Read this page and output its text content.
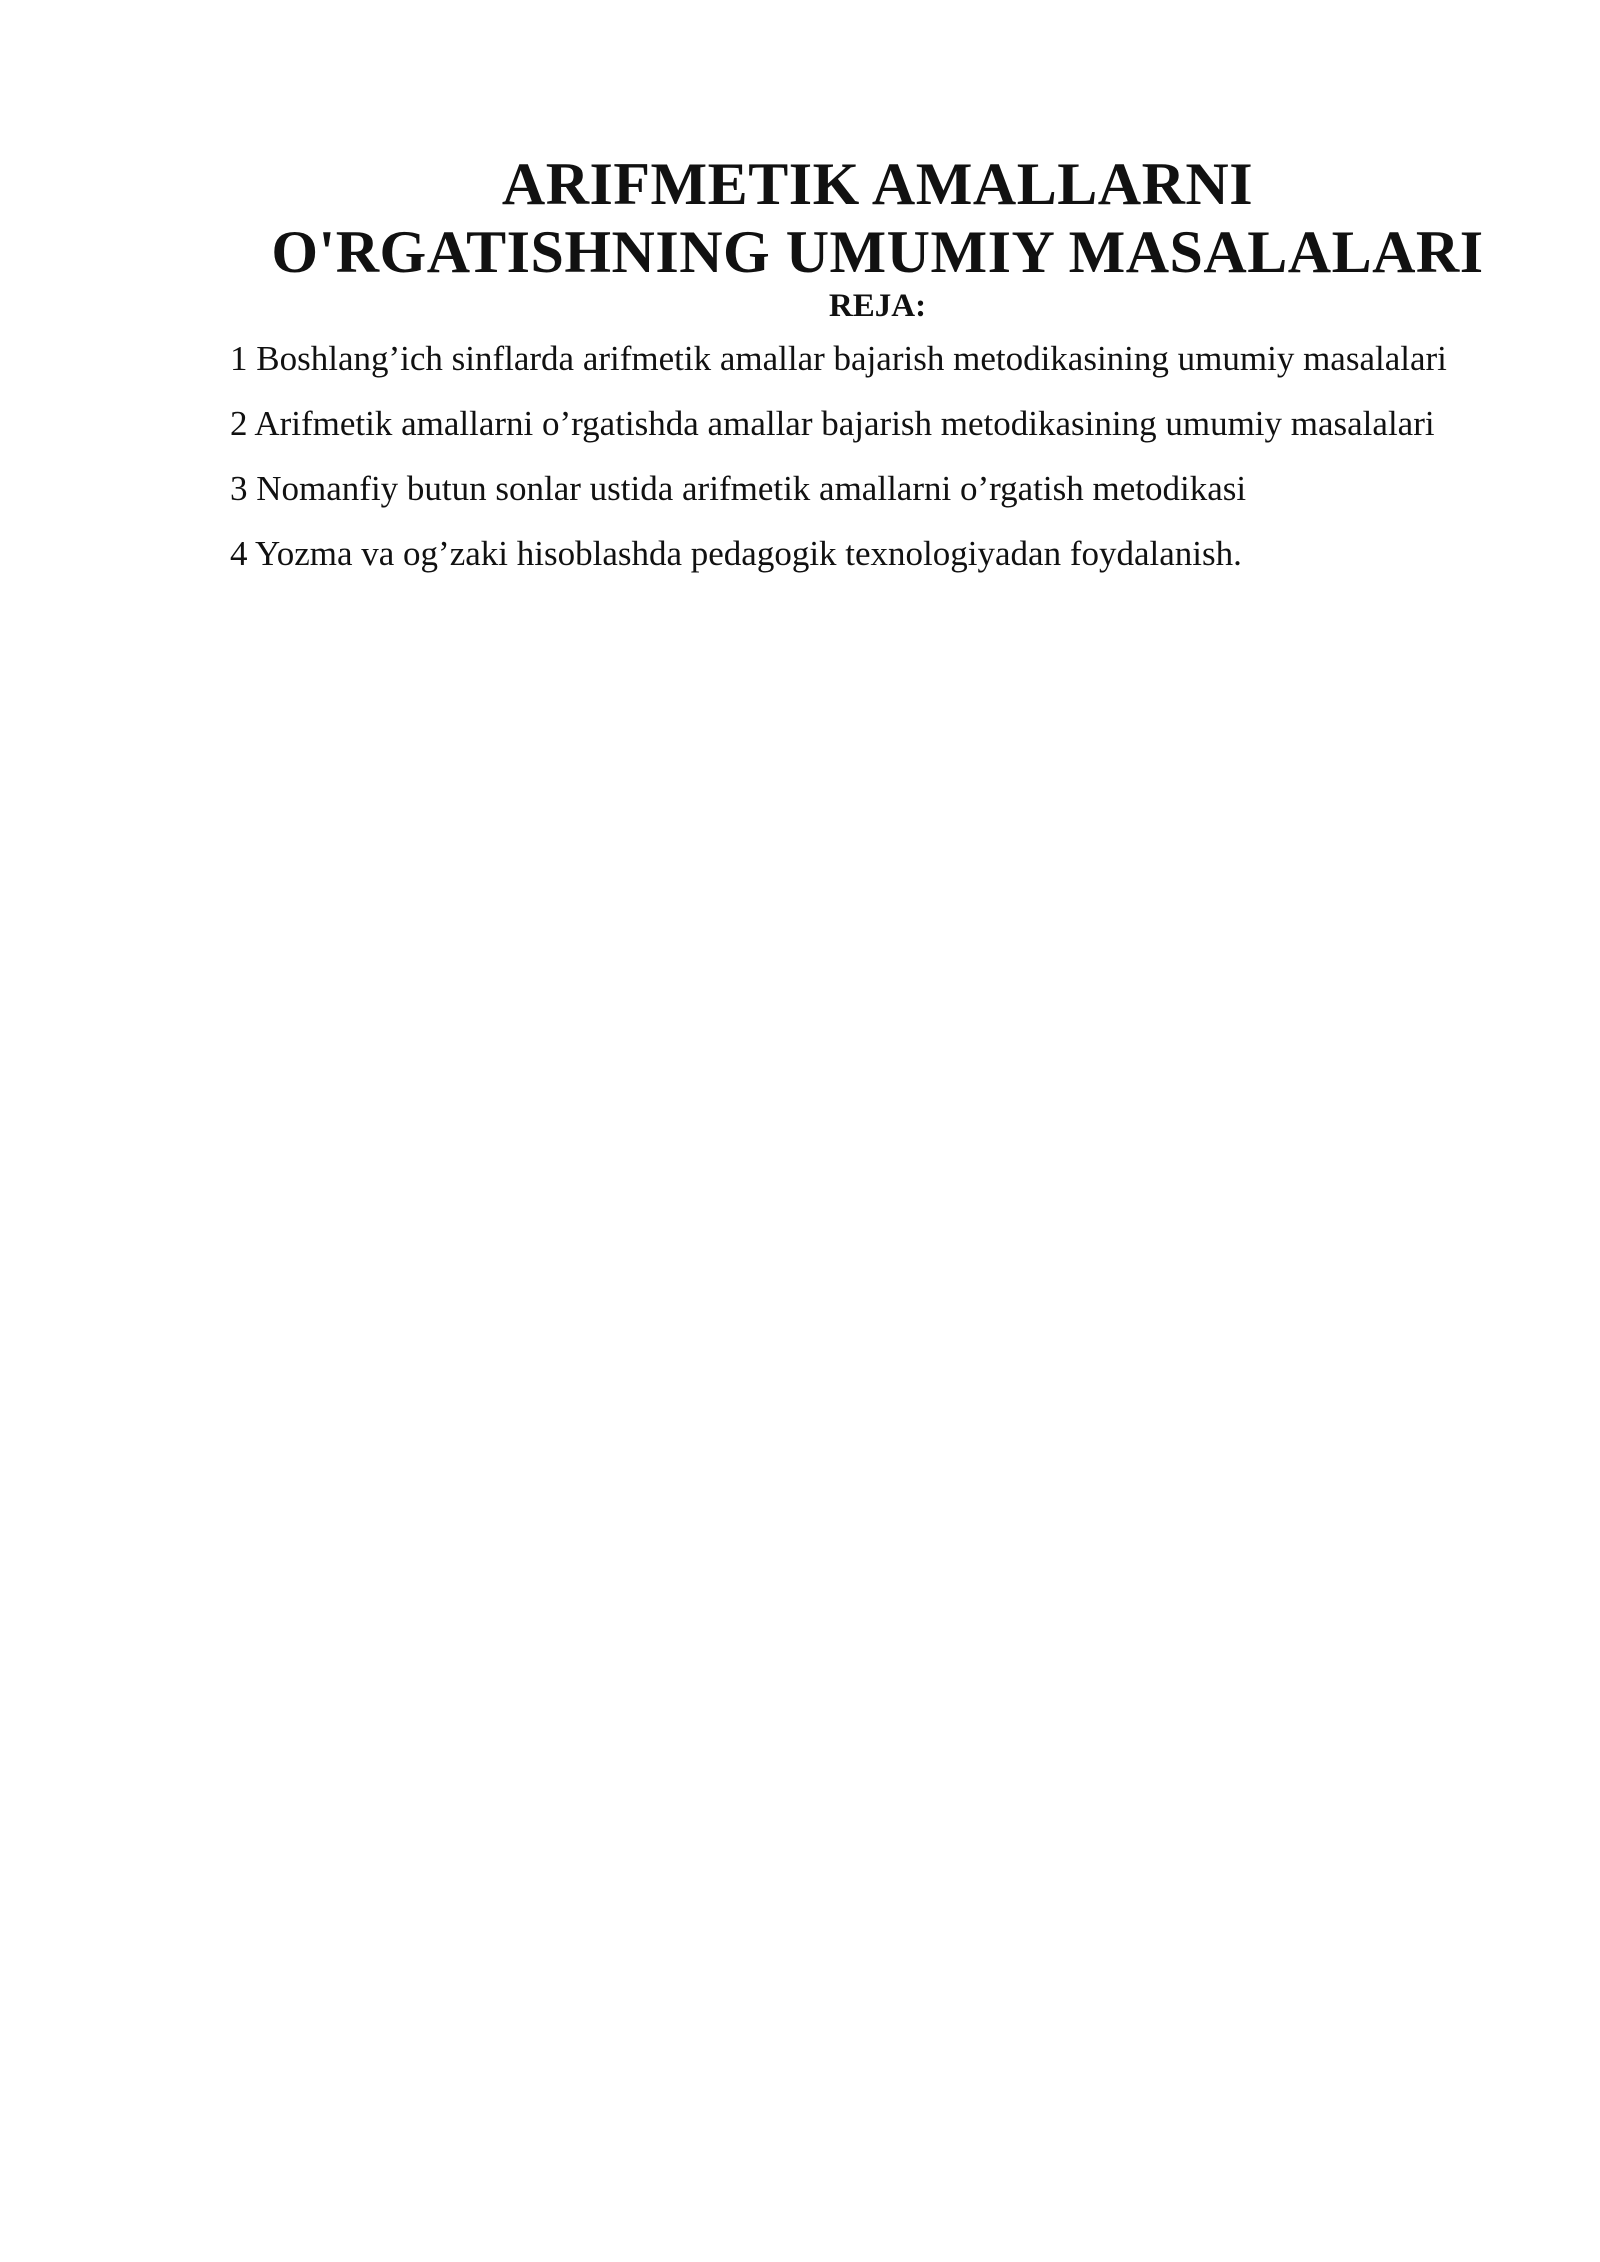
ARIFMETIK AMALLARNI
O'RGATISHNING UMUMIY MASALALARI
REJA:
1 Boshlang’ich sinflarda arifmetik amallar bajarish metodikasining umumiy masalalari
2 Arifmetik amallarni o’rgatishda amallar bajarish metodikasining umumiy masalalari
3 Nomanfiy butun sonlar ustida arifmetik amallarni o’rgatish metodikasi
4 Yozma va og’zaki hisoblashda pedagogik texnologiyadan foydalanish.
